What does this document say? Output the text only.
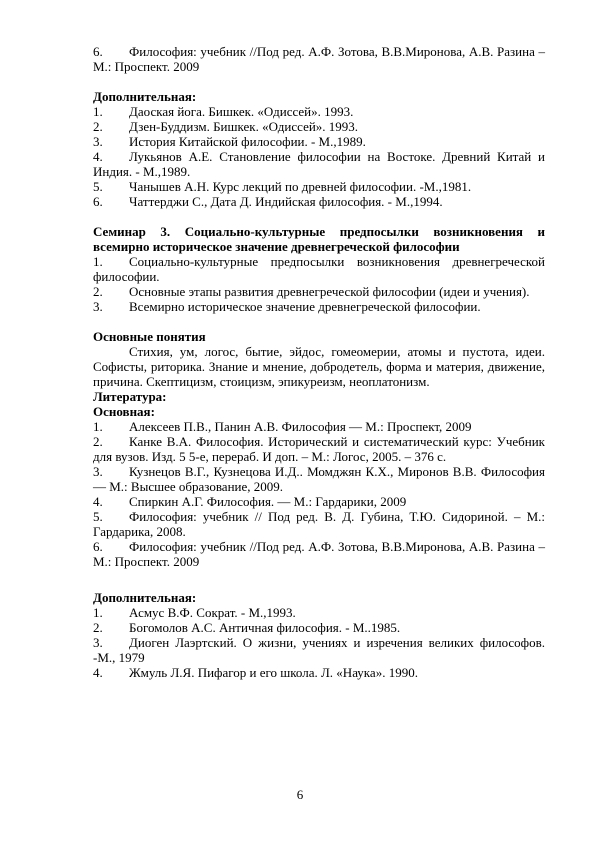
6. Философия: учебник //Под ред. А.Ф. Зотова, В.В.Миронова, А.В. Разина – М.: Проспект. 2009
Дополнительная:
1. Даоская йога. Бишкек. «Одиссей». 1993.
2. Дзен-Буддизм. Бишкек. «Одиссей». 1993.
3. История Китайской философии. - М.,1989.
4. Лукьянов А.Е. Становление философии на Востоке. Древний Китай и Индия. - М.,1989.
5. Чанышев А.Н. Курс лекций по древней философии. -М.,1981.
6. Чаттерджи С., Дата Д. Индийская философия. - М.,1994.
Семинар 3. Социально-культурные предпосылки возникновения и всемирно историческое значение древнегреческой философии
1. Социально-культурные предпосылки возникновения древнегреческой философии.
2. Основные этапы развития древнегреческой философии (идеи и учения).
3. Всемирно историческое значение древнегреческой философии.
Основные понятия
Стихия, ум, логос, бытие, эйдос, гомеомерии, атомы и пустота, идеи. Софисты, риторика. Знание и мнение, добродетель, форма и материя, движение, причина. Скептицизм, стоицизм, эпикуреизм, неоплатонизм.
Литература:
Основная:
1. Алексеев П.В., Панин А.В. Философия — М.: Проспект, 2009
2. Канке В.А. Философия. Исторический и систематический курс: Учебник для вузов. Изд. 5 5-е, перераб. И доп. – М.: Логос, 2005. – 376 с.
3. Кузнецов В.Г., Кузнецова И.Д.. Момджян К.Х., Миронов В.В. Философия — М.: Высшее образование, 2009.
4. Спиркин А.Г. Философия. — М.: Гардарики, 2009
5. Философия: учебник // Под ред. В. Д. Губина, Т.Ю. Сидориной. – М.: Гардарика, 2008.
6. Философия: учебник //Под ред. А.Ф. Зотова, В.В.Миронова, А.В. Разина – М.: Проспект. 2009
Дополнительная:
1. Асмус В.Ф. Сократ. - М.,1993.
2. Богомолов А.С. Античная философия. - М..1985.
3. Диоген Лаэртский. О жизни, учениях и изречения великих философов. -М., 1979
4. Жмуль Л.Я. Пифагор и его школа. Л. «Наука». 1990.
6
